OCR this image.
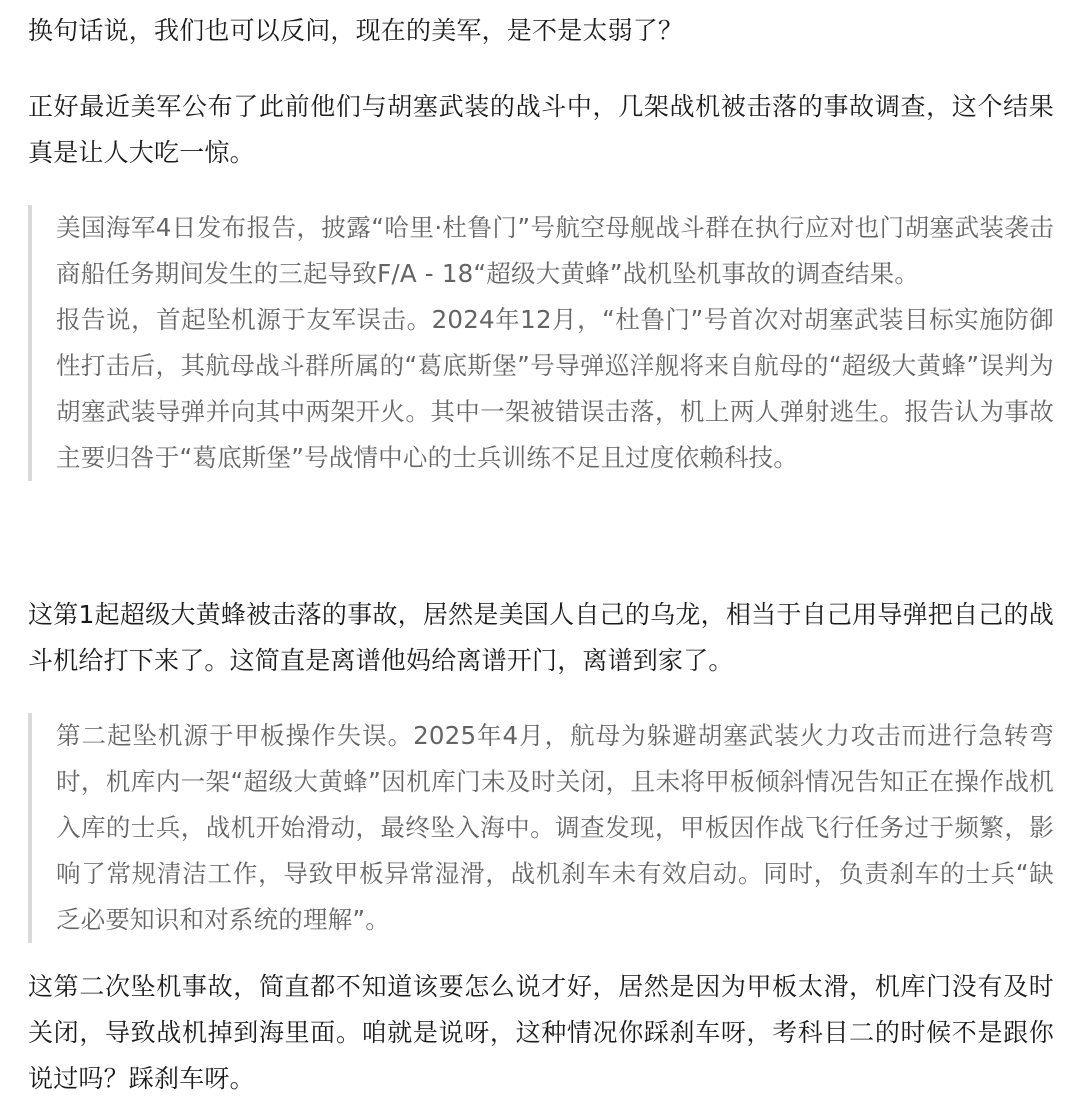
换句话说，我们也可以反问，现在的美军，是不是太弱了？

正好最近美军公布了此前他们与胡塞武装的战斗中，几架战机被击落的事故调查，这个结果真是让人大吃一惊。

美国海军4日发布报告，披露“哈里·杜鲁门”号航空母舰战斗群在执行应对也门胡塞武装袭击商船任务期间发生的三起导致F/A - 18“超级大黄蜂”战机坠机事故的调查结果。

报告说，首起坠机源于友军误击。2024年12月，“杜鲁门”号首次对胡塞武装目标实施防御性打击后，其航母战斗群所属的“葛底斯堡”号导弹巡洋舰将来自航母的“超级大黄蜂”误判为胡塞武装导弹并向其中两架开火。其中一架被错误击落，机上两人弹射逃生。报告认为事故主要归咎于“葛底斯堡”号战情中心的士兵训练不足且过度依赖科技。

这第1起超级大黄蜂被击落的事故，居然是美国人自己的乌龙，相当于自己用导弹把自己的战斗机给打下来了。这简直是离谱他妈给离谱开门，离谱到家了。

第二起坠机源于甲板操作失误。2025年4月，航母为躲避胡塞武装火力攻击而进行急转弯时，机库内一架“超级大黄蜂”因机库门未及时关闭，且未将甲板倾斜情况告知正在操作战机入库的士兵，战机开始滑动，最终坠入海中。调查发现，甲板因作战飞行任务过于频繁，影响了常规清洁工作，导致甲板异常湿滑，战机刹车未有效启动。同时，负责刹车的士兵“缺乏必要知识和对系统的理解”。

这第二次坠机事故，简直都不知道该要怎么说才好，居然是因为甲板太滑，机库门没有及时关闭，导致战机掉到海里面。咱就是说呀，这种情况你踩刹车呀，考科目二的时候不是跟你说过吗？踩刹车呀。
